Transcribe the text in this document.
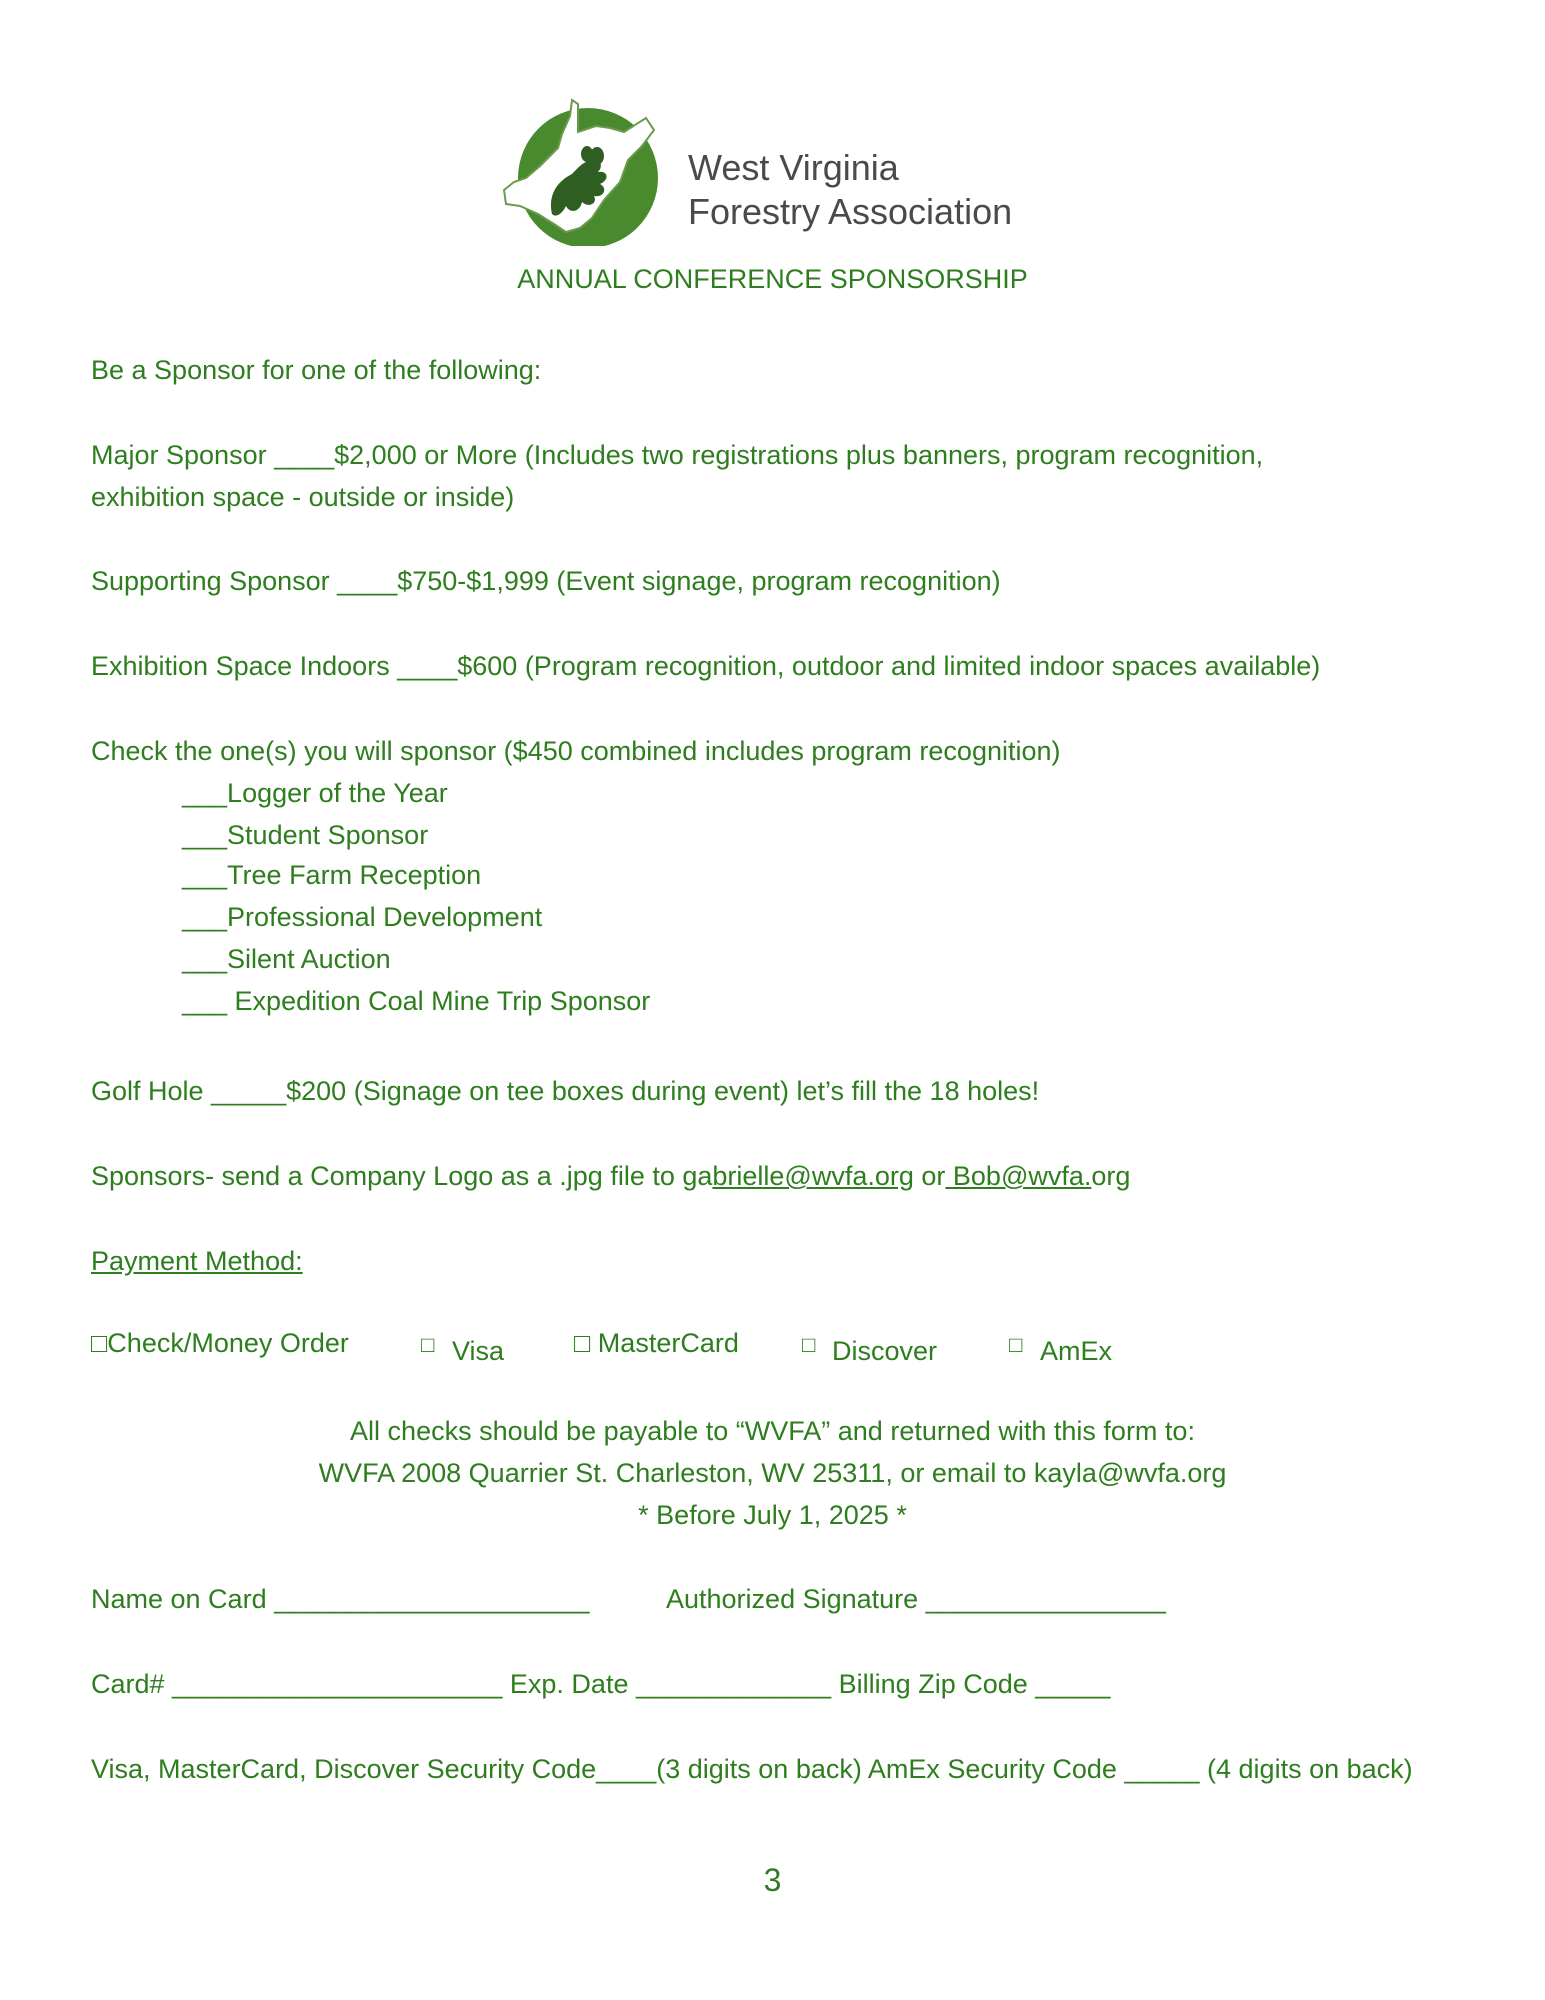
West Virginia
Forestry Association
ANNUAL CONFERENCE SPONSORSHIP
Be a Sponsor for one of the following:
Major Sponsor ____$2,000 or More (Includes two registrations plus banners, program recognition,
exhibition space - outside or inside)
Supporting Sponsor ____$750-$1,999 (Event signage, program recognition)
Exhibition Space Indoors ____$600 (Program recognition, outdoor and limited indoor spaces available)
Check the one(s) you will sponsor ($450 combined includes program recognition)
___Logger of the Year
___Student Sponsor
___Tree Farm Reception
___Professional Development
___Silent Auction
___ Expedition Coal Mine Trip Sponsor
Golf Hole _____$200 (Signage on tee boxes during event) let’s fill the 18 holes!
Sponsors- send a Company Logo as a .jpg file to gabrielle@wvfa.org or Bob@wvfa.org
Payment Method:
□Check/Money Order	□ Visa	□ MasterCard	□ Discover	□ AmEx
All checks should be payable to “WVFA” and returned with this form to:
WVFA 2008 Quarrier St. Charleston, WV 25311, or email to kayla@wvfa.org
* Before July 1, 2025 *
Name on Card _____________________	Authorized Signature ________________
Card# ______________________ Exp. Date _____________ Billing Zip Code _____
Visa, MasterCard, Discover Security Code____(3 digits on back) AmEx Security Code _____ (4 digits on back)
3
